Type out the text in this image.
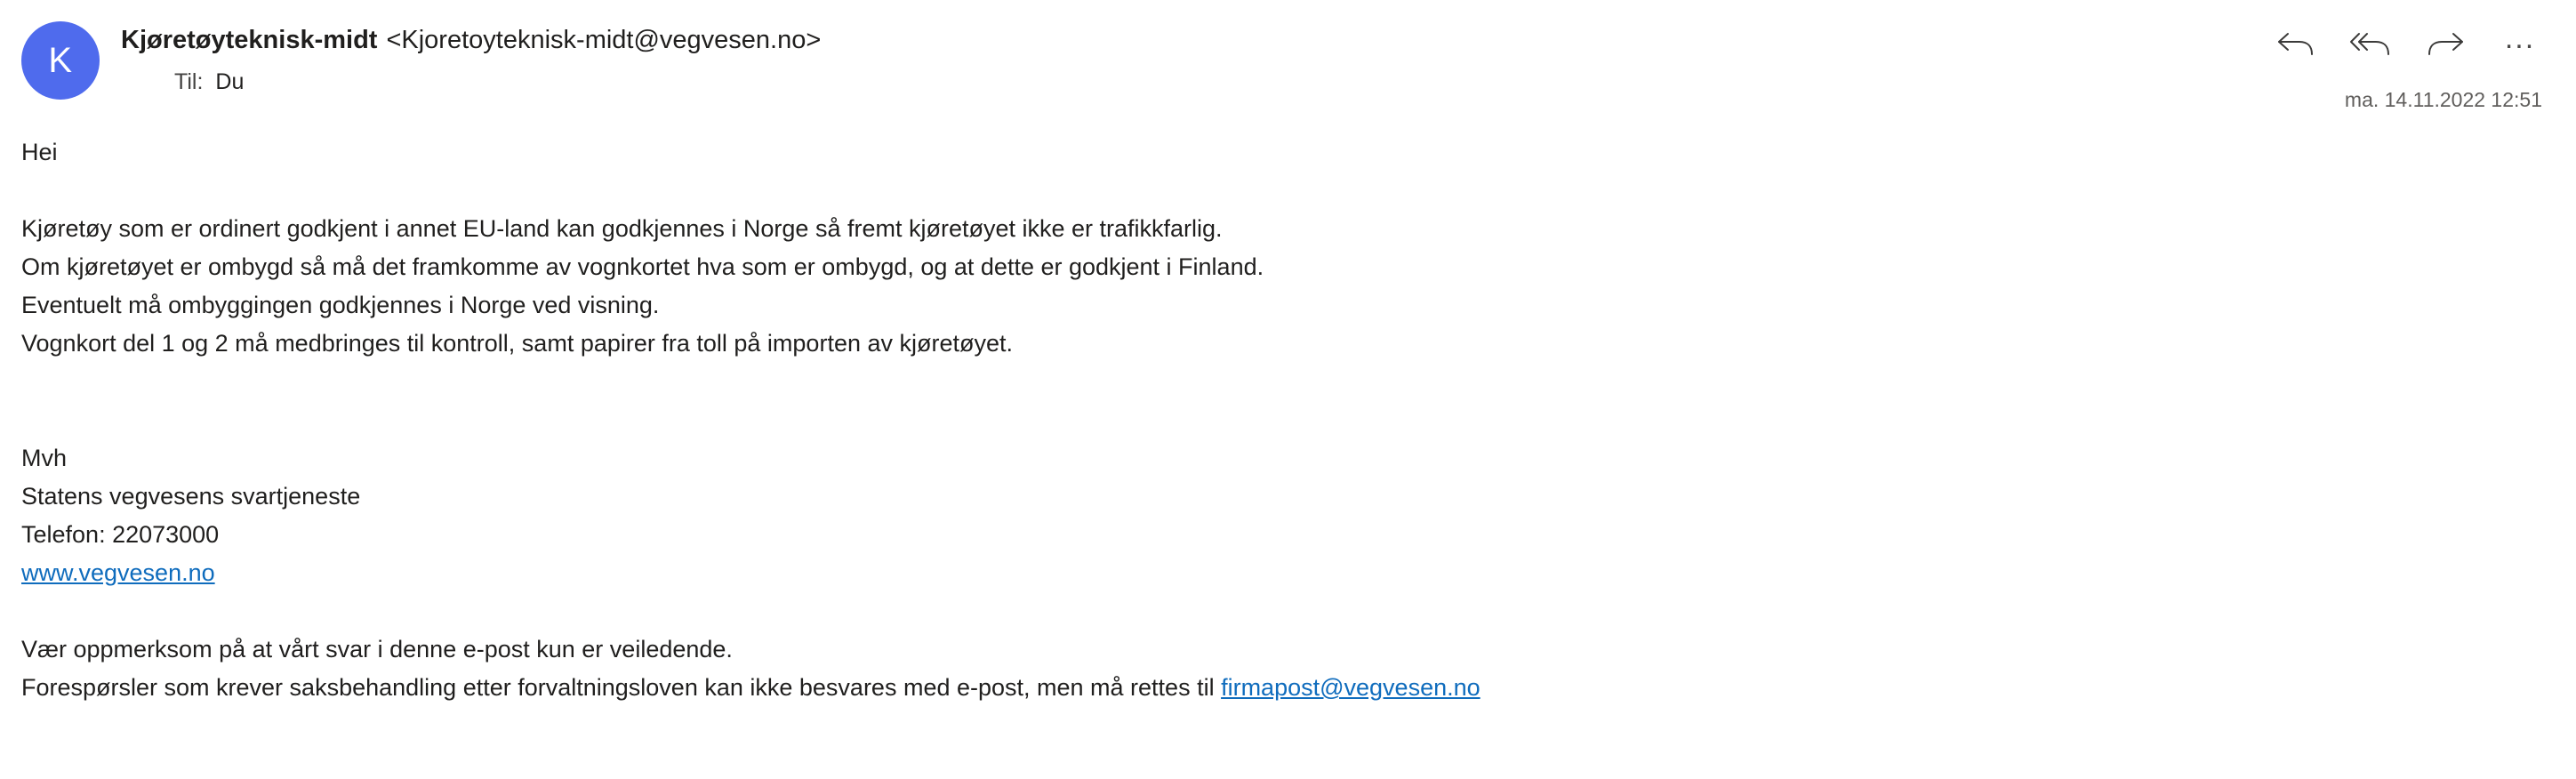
K
Kjøretøyteknisk-midt <Kjoretoyteknisk-midt@vegvesen.no>
Til: Du
...
ma. 14.11.2022 12:51

Hei

Kjøretøy som er ordinert godkjent i annet EU-land kan godkjennes i Norge så fremt kjøretøyet ikke er trafikkfarlig.

Om kjøretøyet er ombygd så må det framkomme av vognkortet hva som er ombygd, og at dette er godkjent i Finland.

Eventuelt må ombyggingen godkjennes i Norge ved visning.

Vognkort del 1 og 2 må medbringes til kontroll, samt papirer fra toll på importen av kjøretøyet.

Mvh

Statens vegvesens svartjeneste

Telefon: 22073000

www.vegvesen.no

Vær oppmerksom på at vårt svar i denne e-post kun er veiledende.

Forespørsler som krever saksbehandling etter forvaltningsloven kan ikke besvares med e-post, men må rettes til firmapost@vegvesen.no
